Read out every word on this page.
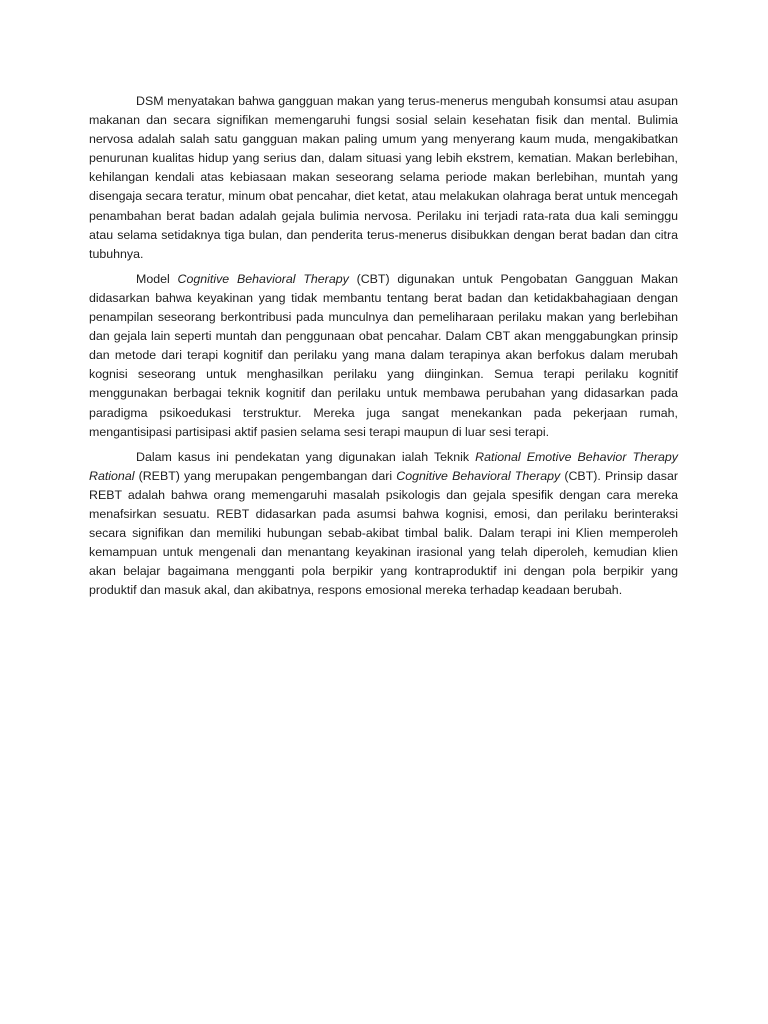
DSM menyatakan bahwa gangguan makan yang terus-menerus mengubah konsumsi atau asupan makanan dan secara signifikan memengaruhi fungsi sosial selain kesehatan fisik dan mental. Bulimia nervosa adalah salah satu gangguan makan paling umum yang menyerang kaum muda, mengakibatkan penurunan kualitas hidup yang serius dan, dalam situasi yang lebih ekstrem, kematian. Makan berlebihan, kehilangan kendali atas kebiasaan makan seseorang selama periode makan berlebihan, muntah yang disengaja secara teratur, minum obat pencahar, diet ketat, atau melakukan olahraga berat untuk mencegah penambahan berat badan adalah gejala bulimia nervosa. Perilaku ini terjadi rata-rata dua kali seminggu atau selama setidaknya tiga bulan, dan penderita terus-menerus disibukkan dengan berat badan dan citra tubuhnya.

Model Cognitive Behavioral Therapy (CBT) digunakan untuk Pengobatan Gangguan Makan didasarkan bahwa keyakinan yang tidak membantu tentang berat badan dan ketidakbahagiaan dengan penampilan seseorang berkontribusi pada munculnya dan pemeliharaan perilaku makan yang berlebihan dan gejala lain seperti muntah dan penggunaan obat pencahar. Dalam CBT akan menggabungkan prinsip dan metode dari terapi kognitif dan perilaku yang mana dalam terapinya akan berfokus dalam merubah kognisi seseorang untuk menghasilkan perilaku yang diinginkan. Semua terapi perilaku kognitif menggunakan berbagai teknik kognitif dan perilaku untuk membawa perubahan yang didasarkan pada paradigma psikoedukasi terstruktur. Mereka juga sangat menekankan pada pekerjaan rumah, mengantisipasi partisipasi aktif pasien selama sesi terapi maupun di luar sesi terapi.

Dalam kasus ini pendekatan yang digunakan ialah Teknik Rational Emotive Behavior Therapy Rational (REBT) yang merupakan pengembangan dari Cognitive Behavioral Therapy (CBT). Prinsip dasar REBT adalah bahwa orang memengaruhi masalah psikologis dan gejala spesifik dengan cara mereka menafsirkan sesuatu. REBT didasarkan pada asumsi bahwa kognisi, emosi, dan perilaku berinteraksi secara signifikan dan memiliki hubungan sebab-akibat timbal balik. Dalam terapi ini Klien memperoleh kemampuan untuk mengenali dan menantang keyakinan irasional yang telah diperoleh, kemudian klien akan belajar bagaimana mengganti pola berpikir yang kontraproduktif ini dengan pola berpikir yang produktif dan masuk akal, dan akibatnya, respons emosional mereka terhadap keadaan berubah.
